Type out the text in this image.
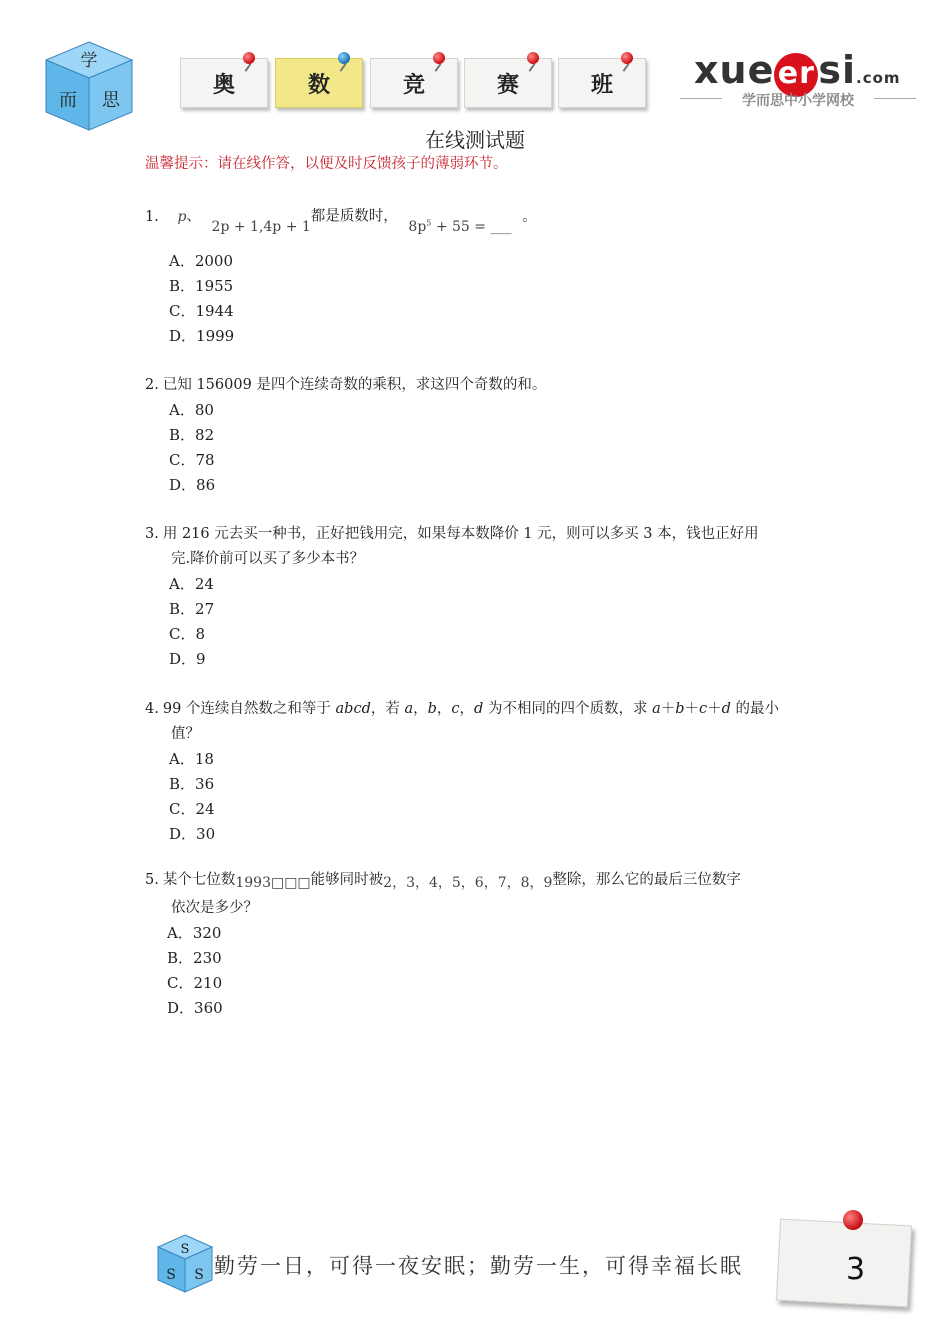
学
而 思
奥	数	竞	赛	班 xue ersi.com
学而思中小学网校
在线测试题
温馨提示：请在线作答，以便及时反馈孩子的薄弱环节。
1. p、 2p + 1,4p + 1都是质数时， $8p^5 + 55$ = ___ 。
A．2000
B．1955
C．1944
D．1999
2. 已知 156009 是四个连续奇数的乘积，求这四个奇数的和。
A．80
B．82
C．78
D．86
3. 用 216 元去买一种书，正好把钱用完，如果每本数降价 1 元，则可以多买 3 本，钱也正好用
完.降价前可以买了多少本书？
A．24
B．27
C．8
D．9
4. 99 个连续自然数之和等于 abcd，若 a，b，c，d 为不相同的四个质数，求 a＋b＋c＋d 的最小
值？
A．18
B．36
C．24
D．30
5. 某个七位数1993□□□能够同时被2，3，4，5，6，7，8，9整除，那么它的最后三位数字
依次是多少？
A．320
B．230
C．210
D．360
S
S S 勤劳一日，可得一夜安眠；勤劳一生，可得幸福长眠	3
